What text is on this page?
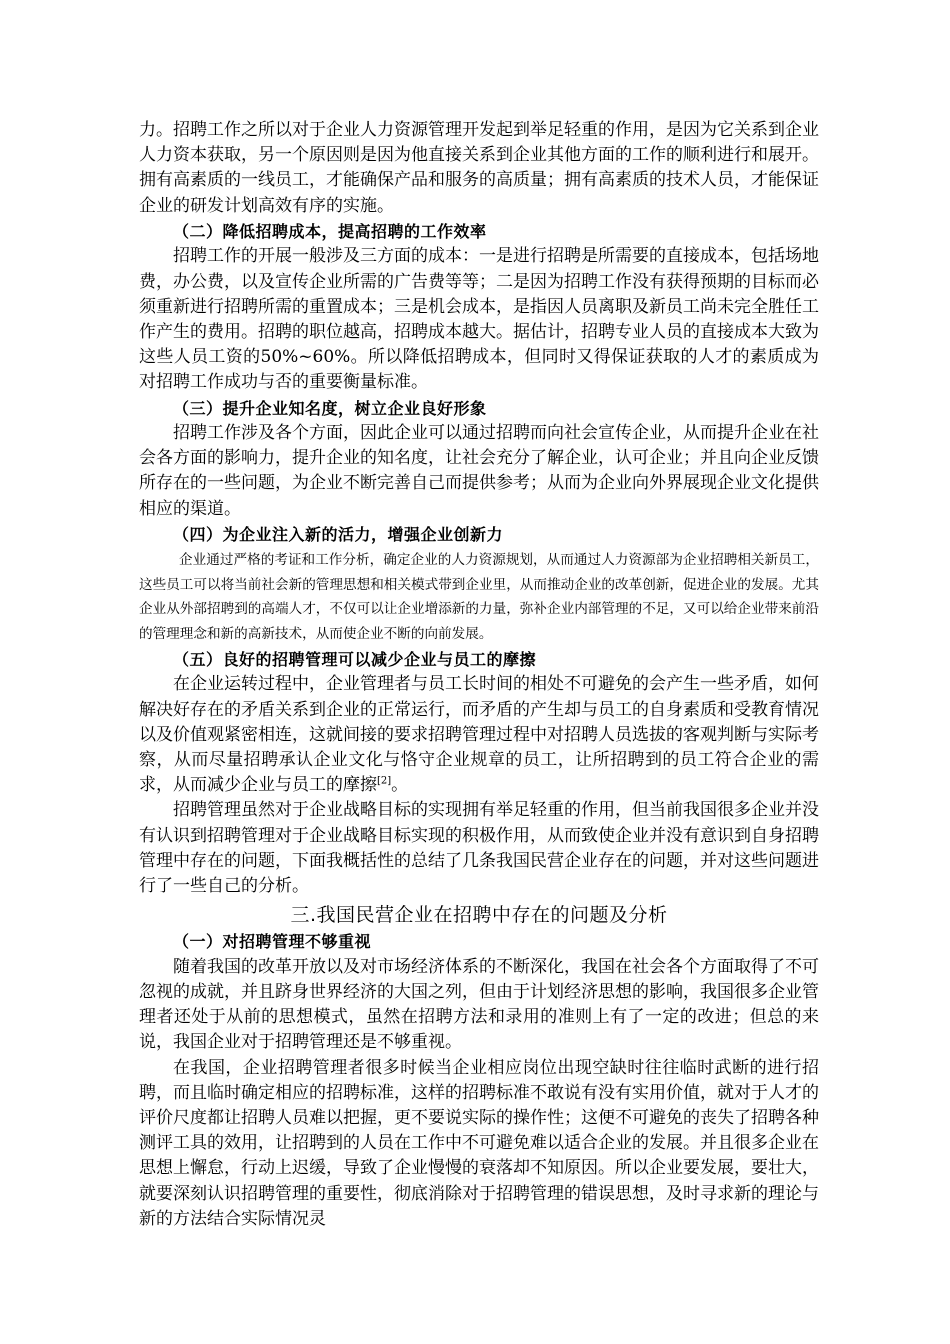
力。招聘工作之所以对于企业人力资源管理开发起到举足轻重的作用，是因为它关系到企业人力资本获取，另一个原因则是因为他直接关系到企业其他方面的工作的顺利进行和展开。拥有高素质的一线员工，才能确保产品和服务的高质量；拥有高素质的技术人员，才能保证企业的研发计划高效有序的实施。

（二）降低招聘成本，提高招聘的工作效率

招聘工作的开展一般涉及三方面的成本：一是进行招聘是所需要的直接成本，包括场地费，办公费，以及宣传企业所需的广告费等等；二是因为招聘工作没有获得预期的目标而必须重新进行招聘所需的重置成本；三是机会成本，是指因人员离职及新员工尚未完全胜任工作产生的费用。招聘的职位越高，招聘成本越大。据估计，招聘专业人员的直接成本大致为这些人员工资的50%~60%。所以降低招聘成本，但同时又得保证获取的人才的素质成为对招聘工作成功与否的重要衡量标准。

（三）提升企业知名度，树立企业良好形象

招聘工作涉及各个方面，因此企业可以通过招聘而向社会宣传企业，从而提升企业在社会各方面的影响力，提升企业的知名度，让社会充分了解企业，认可企业；并且向企业反馈所存在的一些问题，为企业不断完善自己而提供参考；从而为企业向外界展现企业文化提供相应的渠道。

（四）为企业注入新的活力，增强企业创新力

企业通过严格的考证和工作分析，确定企业的人力资源规划，从而通过人力资源部为企业招聘相关新员工，这些员工可以将当前社会新的管理思想和相关模式带到企业里，从而推动企业的改革创新，促进企业的发展。尤其企业从外部招聘到的高端人才，不仅可以让企业增添新的力量，弥补企业内部管理的不足，又可以给企业带来前沿的管理理念和新的高新技术，从而使企业不断的向前发展。

（五）良好的招聘管理可以减少企业与员工的摩擦

在企业运转过程中，企业管理者与员工长时间的相处不可避免的会产生一些矛盾，如何解决好存在的矛盾关系到企业的正常运行，而矛盾的产生却与员工的自身素质和受教育情况以及价值观紧密相连，这就间接的要求招聘管理过程中对招聘人员选拔的客观判断与实际考察，从而尽量招聘承认企业文化与恪守企业规章的员工，让所招聘到的员工符合企业的需求，从而减少企业与员工的摩擦[2]。

招聘管理虽然对于企业战略目标的实现拥有举足轻重的作用，但当前我国很多企业并没有认识到招聘管理对于企业战略目标实现的积极作用，从而致使企业并没有意识到自身招聘管理中存在的问题，下面我概括性的总结了几条我国民营企业存在的问题，并对这些问题进行了一些自己的分析。

三.我国民营企业在招聘中存在的问题及分析

（一）对招聘管理不够重视

随着我国的改革开放以及对市场经济体系的不断深化，我国在社会各个方面取得了不可忽视的成就，并且跻身世界经济的大国之列，但由于计划经济思想的影响，我国很多企业管理者还处于从前的思想模式，虽然在招聘方法和录用的准则上有了一定的改进；但总的来说，我国企业对于招聘管理还是不够重视。

在我国，企业招聘管理者很多时候当企业相应岗位出现空缺时往往临时武断的进行招聘，而且临时确定相应的招聘标准，这样的招聘标准不敢说有没有实用价值，就对于人才的评价尺度都让招聘人员难以把握，更不要说实际的操作性；这便不可避免的丧失了招聘各种测评工具的效用，让招聘到的人员在工作中不可避免难以适合企业的发展。并且很多企业在思想上懈怠，行动上迟缓，导致了企业慢慢的衰落却不知原因。所以企业要发展，要壮大，就要深刻认识招聘管理的重要性，彻底消除对于招聘管理的错误思想，及时寻求新的理论与新的方法结合实际情况灵
